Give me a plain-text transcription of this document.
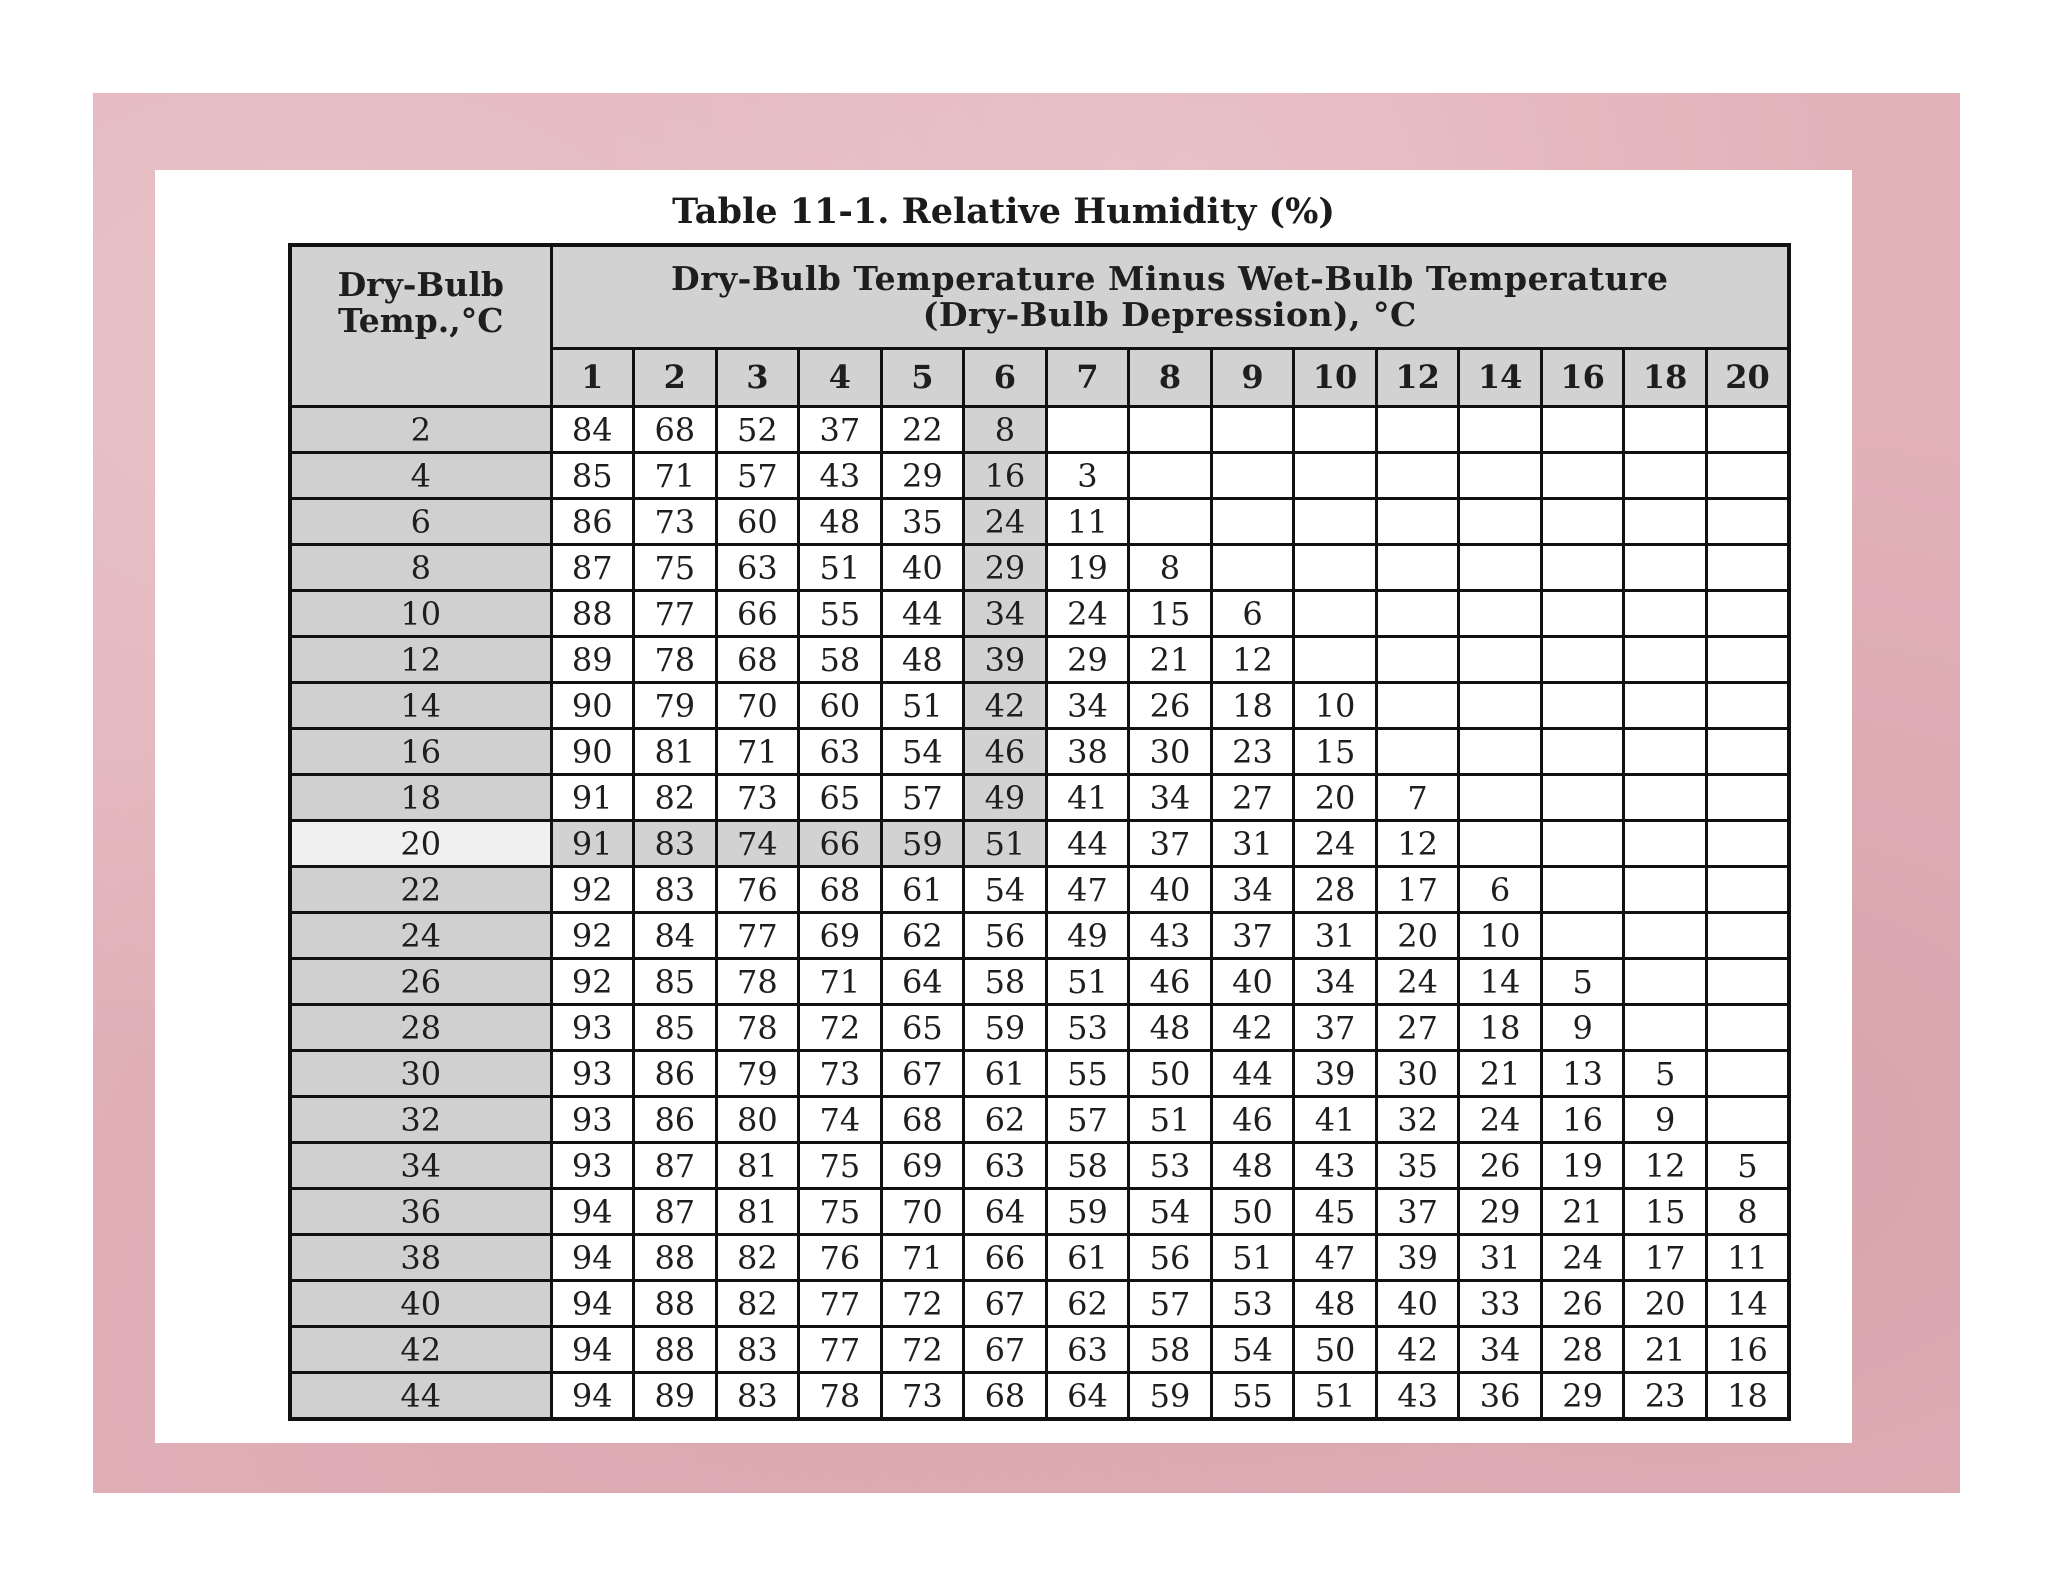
Table 11-1. Relative Humidity (%)
Dry-Bulb
Temp.,°C	Dry-Bulb Temperature Minus Wet-Bulb Temperature
(Dry-Bulb Depression), °C														

	1	2	3	4	5	6	7	8	9	10	12	14	16	18	20
2	84	68	52	37	22	8									
4	85	71	57	43	29	16	3								
6	86	73	60	48	35	24	11								
8	87	75	63	51	40	29	19	8							
10	88	77	66	55	44	34	24	15	6						
12	89	78	68	58	48	39	29	21	12						
14	90	79	70	60	51	42	34	26	18	10					
16	90	81	71	63	54	46	38	30	23	15					
18	91	82	73	65	57	49	41	34	27	20	7				
20	91	83	74	66	59	51	44	37	31	24	12				
22	92	83	76	68	61	54	47	40	34	28	17	6			
24	92	84	77	69	62	56	49	43	37	31	20	10			
26	92	85	78	71	64	58	51	46	40	34	24	14	5		
28	93	85	78	72	65	59	53	48	42	37	27	18	9		
30	93	86	79	73	67	61	55	50	44	39	30	21	13	5	
32	93	86	80	74	68	62	57	51	46	41	32	24	16	9	
34	93	87	81	75	69	63	58	53	48	43	35	26	19	12	5
36	94	87	81	75	70	64	59	54	50	45	37	29	21	15	8
38	94	88	82	76	71	66	61	56	51	47	39	31	24	17	11
40	94	88	82	77	72	67	62	57	53	48	40	33	26	20	14
42	94	88	83	77	72	67	63	58	54	50	42	34	28	21	16
44	94	89	83	78	73	68	64	59	55	51	43	36	29	23	18
